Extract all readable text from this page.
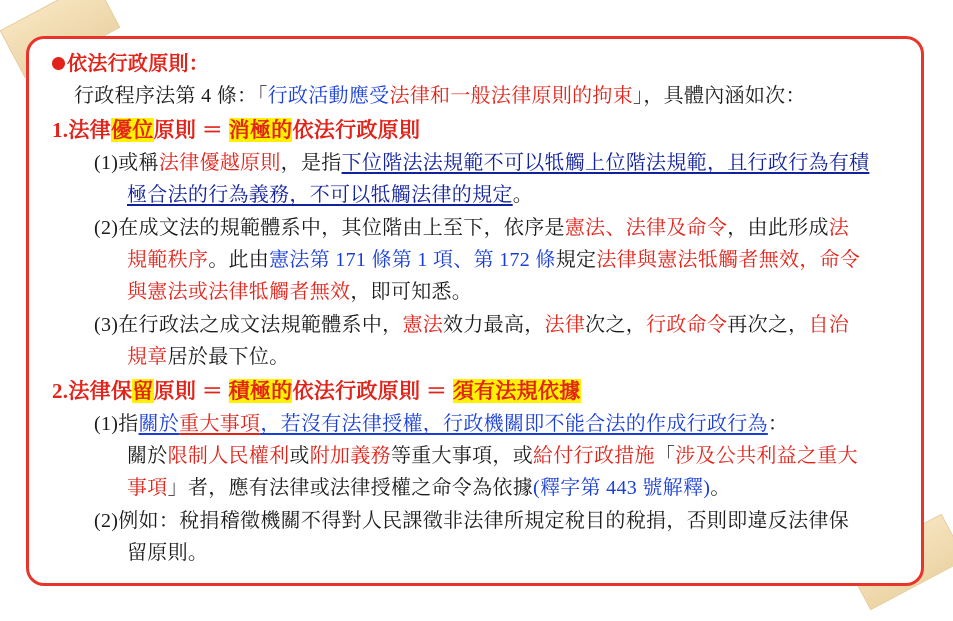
依法行政原則：
行政程序法第 4 條：「行政活動應受法律和一般法律原則的拘束」，具體內涵如次：
1.法律優位原則 ＝ 消極的依法行政原則
(1)或稱法律優越原則，是指下位階法法規範不可以牴觸上位階法規範，且行政行為有積
極合法的行為義務，不可以牴觸法律的規定。
(2)在成文法的規範體系中，其位階由上至下，依序是憲法、法律及命令，由此形成法
規範秩序。此由憲法第 171 條第 1 項、第 172 條規定法律與憲法牴觸者無效，命令
與憲法或法律牴觸者無效，即可知悉。
(3)在行政法之成文法規範體系中，憲法效力最高，法律次之，行政命令再次之，自治
規章居於最下位。
2.法律保留原則 ＝ 積極的依法行政原則 ＝ 須有法規依據
(1)指關於重大事項，若沒有法律授權，行政機關即不能合法的作成行政行為：
關於限制人民權利或附加義務等重大事項，或給付行政措施「涉及公共利益之重大
事項」者，應有法律或法律授權之命令為依據(釋字第 443 號解釋)。
(2)例如：稅捐稽徵機關不得對人民課徵非法律所規定稅目的稅捐，否則即違反法律保
留原則。
